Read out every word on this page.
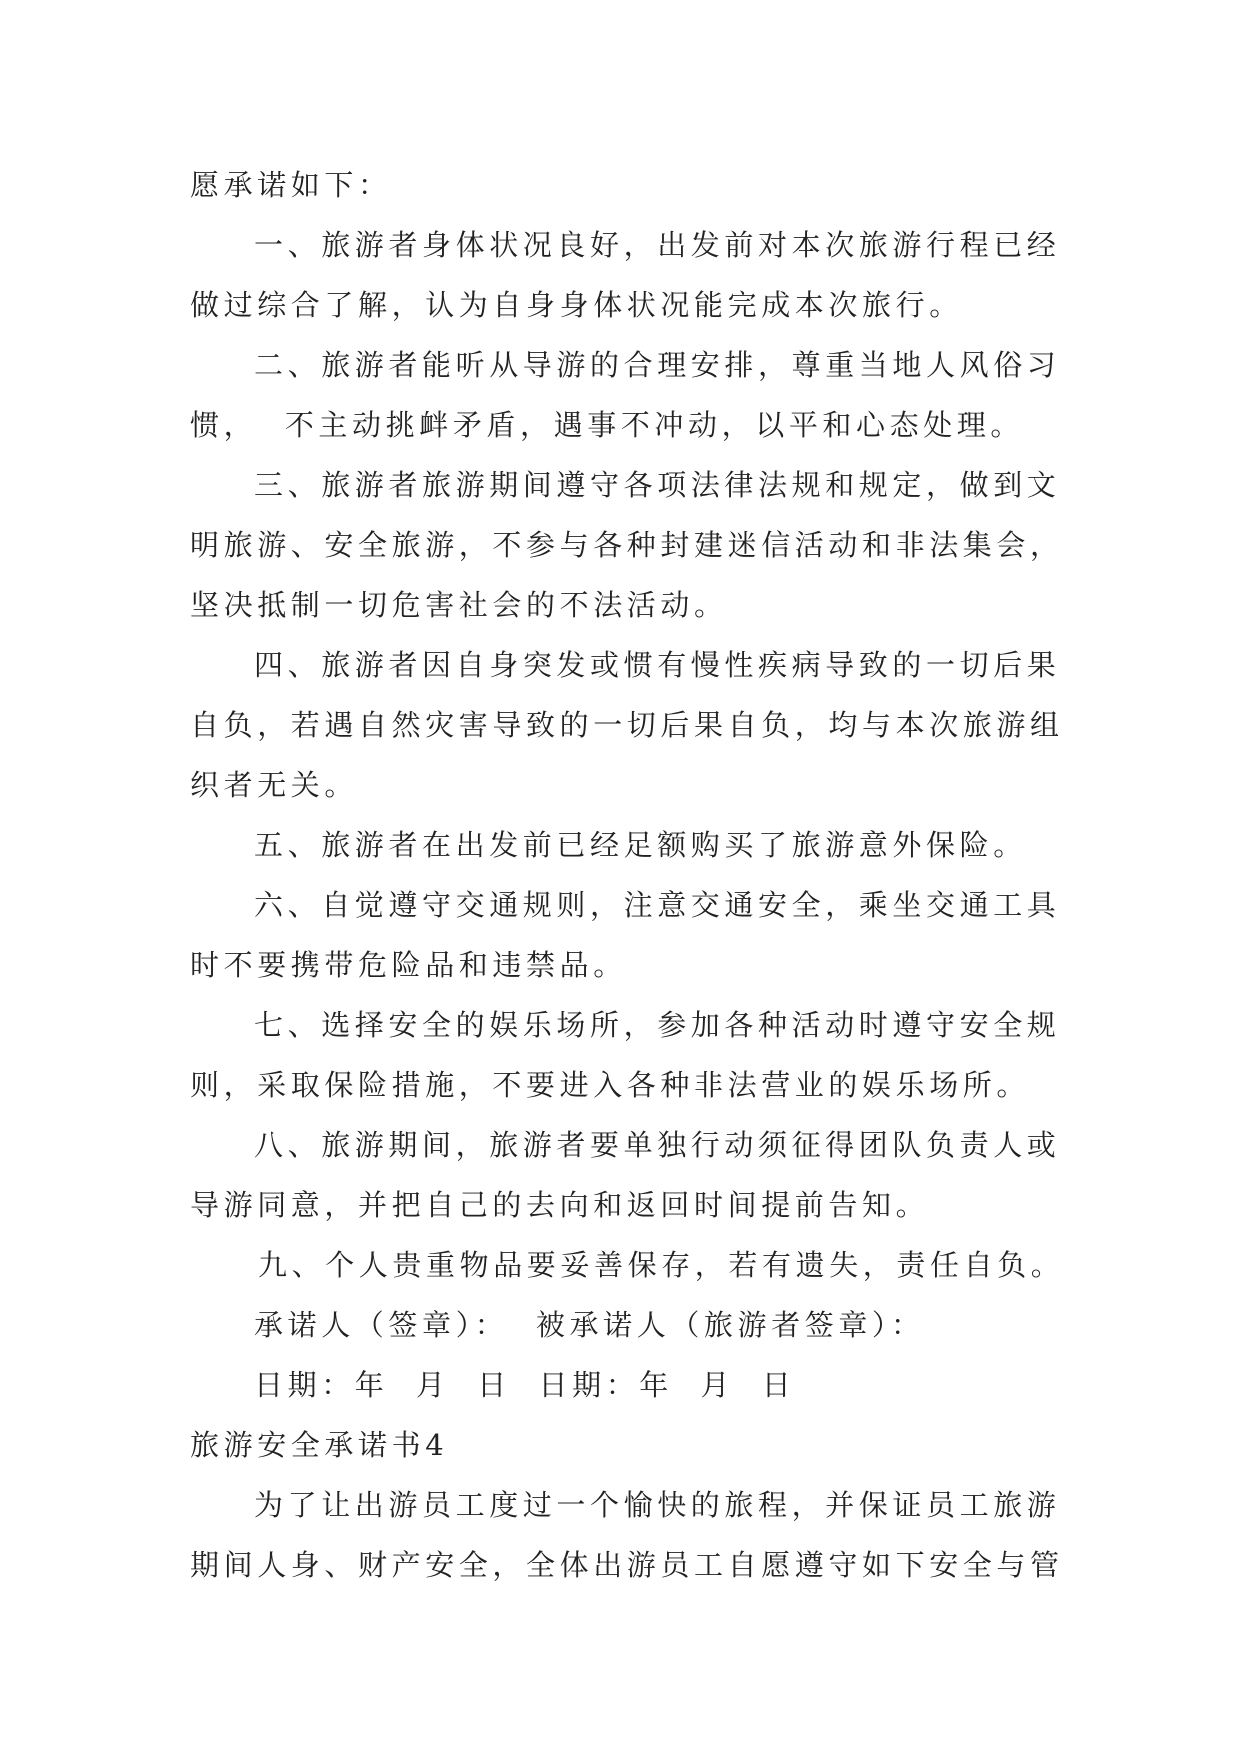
愿承诺如下：
一、旅游者身体状况良好，出发前对本次旅游行程已经
做过综合了解，认为自身身体状况能完成本次旅行。
二、旅游者能听从导游的合理安排，尊重当地人风俗习
惯，  不主动挑衅矛盾，遇事不冲动，以平和心态处理。
三、旅游者旅游期间遵守各项法律法规和规定，做到文
明旅游、安全旅游，不参与各种封建迷信活动和非法集会，
坚决抵制一切危害社会的不法活动。
四、旅游者因自身突发或惯有慢性疾病导致的一切后果
自负，若遇自然灾害导致的一切后果自负，均与本次旅游组
织者无关。
五、旅游者在出发前已经足额购买了旅游意外保险。
六、自觉遵守交通规则，注意交通安全，乘坐交通工具
时不要携带危险品和违禁品。
七、选择安全的娱乐场所，参加各种活动时遵守安全规
则，采取保险措施，不要进入各种非法营业的娱乐场所。
八、旅游期间，旅游者要单独行动须征得团队负责人或
导游同意，并把自己的去向和返回时间提前告知。
九、个人贵重物品要妥善保存，若有遗失，责任自负。
承诺人（签章）：  被承诺人（旅游者签章）：
日期：年  月  日  日期：年  月  日
旅游安全承诺书4
为了让出游员工度过一个愉快的旅程，并保证员工旅游
期间人身、财产安全，全体出游员工自愿遵守如下安全与管
